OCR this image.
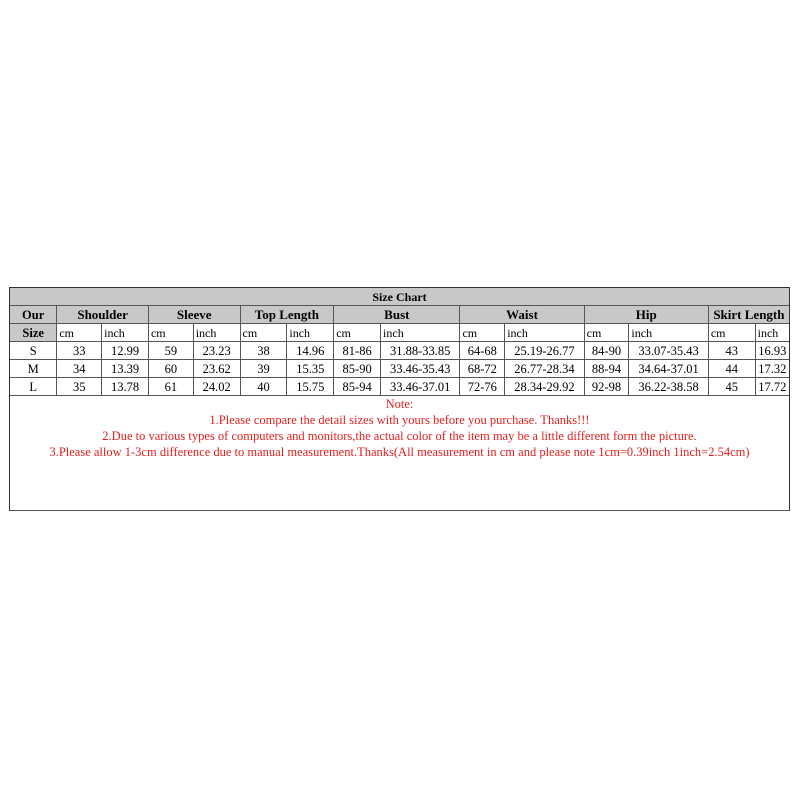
Size Chart														
Our	Shoulder		Sleeve		Top Length		Bust		Waist		Hip		Skirt Length	
Size	cm	inch	cm	inch	cm	inch	cm	inch	cm	inch	cm	inch	cm	inch
S	33	12.99	59	23.23	38	14.96	81-86	31.88-33.85	64-68	25.19-26.77	84-90	33.07-35.43	43	16.93
M	34	13.39	60	23.62	39	15.35	85-90	33.46-35.43	68-72	26.77-28.34	88-94	34.64-37.01	44	17.32
L	35	13.78	61	24.02	40	15.75	85-94	33.46-37.01	72-76	28.34-29.92	92-98	36.22-38.58	45	17.72

Note:
1.Please compare the detail sizes with yours before you purchase. Thanks!!!
2.Due to various types of computers and monitors,the actual color of the item may be a little different form the picture.
3.Please allow 1-3cm difference due to manual measurement.Thanks(All measurement in cm and please note 1cm=0.39inch 1inch=2.54cm)														
